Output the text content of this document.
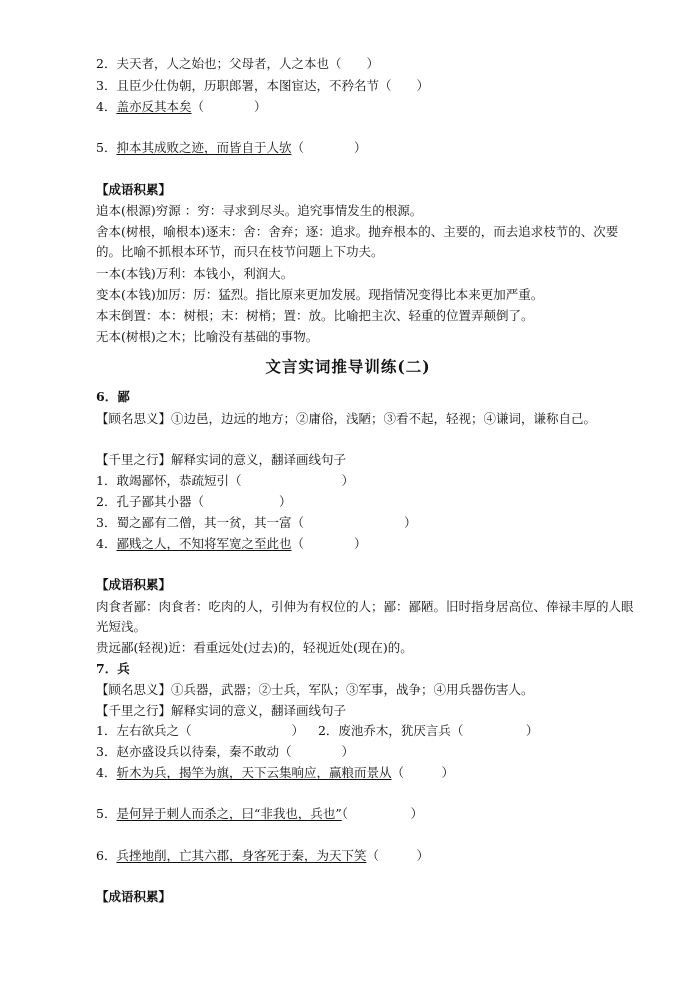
2．夫天者，人之始也；父母者，人之本也（　　）
3．且臣少仕伪朝，历职郎署，本图宦达，不矜名节（　　）
4．盖亦反其本矣（　　　　）
5．抑本其成败之迹，而皆自于人欤（　　　　）
【成语积累】
追本(根源)穷源 ：穷：寻求到尽头。追究事情发生的根源。
舍本(树根，喻根本)逐末：舍：舍弃；逐：追求。抛弃根本的、主要的，而去追求枝节的、次要的。比喻不抓根本环节，而只在枝节问题上下功夫。
一本(本钱)万利：本钱小，利润大。
变本(本钱)加厉：厉：猛烈。指比原来更加发展。现指情况变得比本来更加严重。
本末倒置：本：树根；末：树梢；置：放。比喻把主次、轻重的位置弄颠倒了。
无本(树根)之木；比喻没有基础的事物。
文言实词推导训练(二)
6．鄙
【顾名思义】①边邑，边远的地方；②庸俗，浅陋；③看不起，轻视；④谦词，谦称自己。
【千里之行】解释实词的意义，翻译画线句子
1．敢竭鄙怀，恭疏短引（　　　　　　　　）
2．孔子鄙其小器（　　　　　　）
3．蜀之鄙有二僧，其一贫，其一富（　　　　　　　　）
4．鄙贱之人，不知将军宽之至此也（　　　　）
【成语积累】
肉食者鄙：肉食者：吃肉的人，引伸为有权位的人；鄙：鄙陋。旧时指身居高位、俸禄丰厚的人眼光短浅。
贵远鄙(轻视)近：看重远处(过去)的，轻视近处(现在)的。
7．兵
【顾名思义】①兵器，武器；②士兵，军队；③军事，战争；④用兵器伤害人。
【千里之行】解释实词的意义，翻译画线句子
1．左右欲兵之（　　　　　　　　） 2．废池乔木，犹厌言兵（　　　　　）
3．赵亦盛设兵以待秦，秦不敢动（　　　　）
4．斩木为兵，揭竿为旗，天下云集响应，赢粮而景从（　　　）
5．是何异于刺人而杀之，曰“非我也，兵也”（　　　　　）
6．兵挫地削，亡其六郡，身客死于秦，为天下笑（　　　）
【成语积累】
